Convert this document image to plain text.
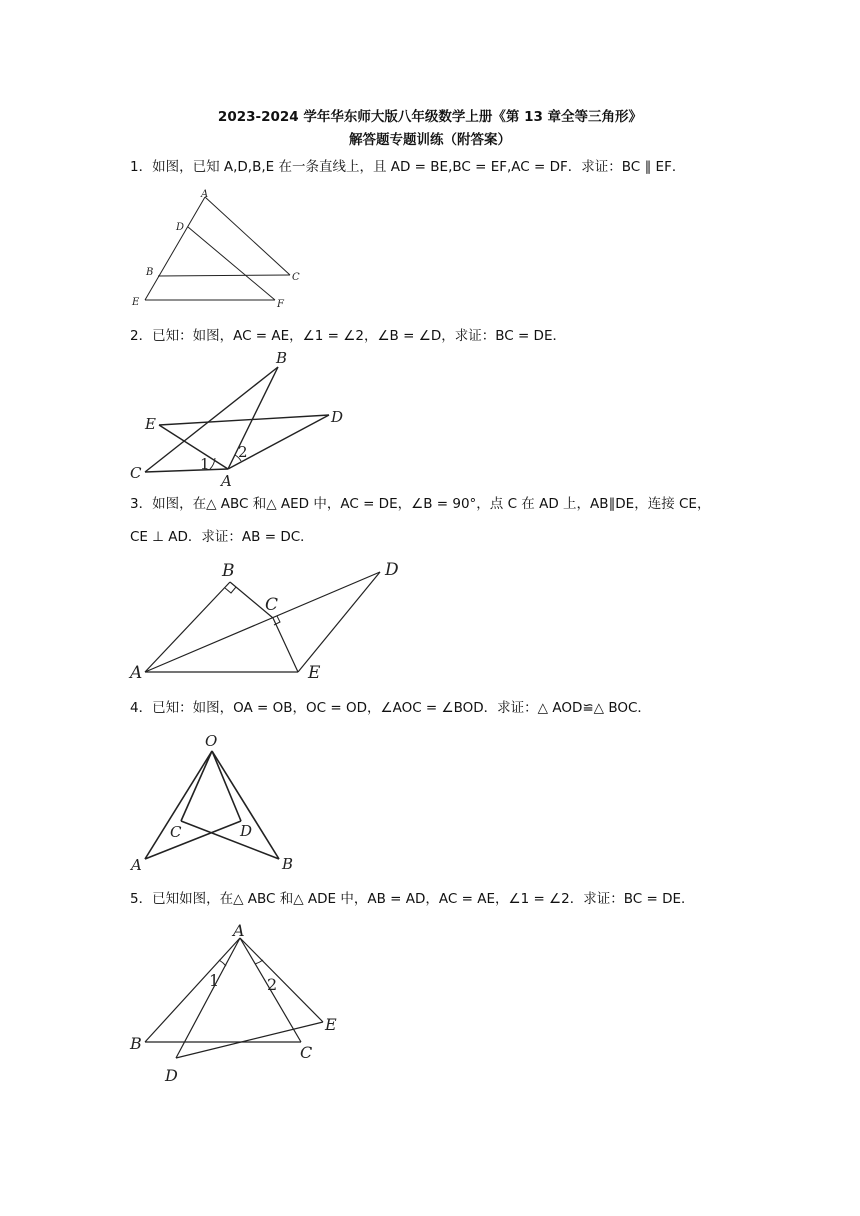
2023-2024 学年华东师大版八年级数学上册《第 13 章全等三角形》
解答题专题训练（附答案）
1．如图，已知 A,D,B,E 在一条直线上，且 AD = BE,BC = EF,AC = DF．求证：BC ∥ EF．
A
D
B	C
E	F
2．已知：如图，AC = AE，∠1 = ∠2，∠B = ∠D，求证：BC = DE．
B
E	D
C	A
1
2
3．如图，在△ ABC 和△ AED 中，AC = DE，∠B = 90°，点 C 在 AD 上，AB∥DE，连接 CE，
CE ⊥ AD．求证：AB = DC．
B
C
D
A	E
4．已知：如图，OA = OB，OC = OD，∠AOC = ∠BOD．求证：△ AOD≌△ BOC．
O
C	D
A	B
5．已知如图，在△ ABC 和△ ADE 中，AB = AD，AC = AE，∠1 = ∠2．求证：BC = DE．
A
1	2
E
B	C
D
